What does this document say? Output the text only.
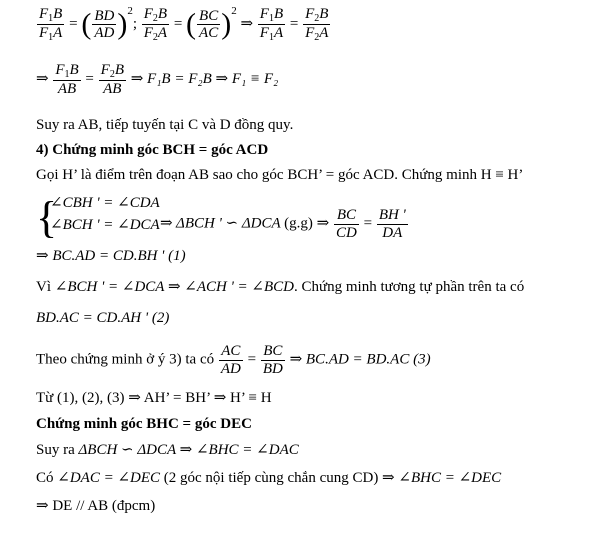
$\frac{F_1B}{F_1A}$ = ( $\frac{BD}{AD} )^2$; $\frac{F_2B}{F_2A}$ = ( $\frac{BC}{AC} )^2$ ⇒ $\frac{F_1B}{F_1A} = \frac{F_2B}{F_2A}$
⇒ $\frac{F_1B}{AB} = \frac{F_2B}{AB}$ ⇒ F₁B = F₂B ⇒ F₁ ≡ F₂
Suy ra AB, tiếp tuyến tại C và D đồng quy.
4) Chứng minh góc BCH = góc ACD
Gọi H’ là điểm trên đoạn AB sao cho góc BCH’ = góc ACD. Chứng minh H ≡ H’
{
∠CBH ' = ∠CDA
∠BCH ' = ∠DCA ⇒ ΔBCH ' ∽ ΔDCA (g.g) ⇒ $\frac{BC}{CD} = \frac{BH '}{DA}$
⇒ BC.AD = CD.BH ' (1)
Vì ∠BCH ' = ∠DCA ⇒ ∠ACH ' = ∠BCD. Chứng minh tương tự phần trên ta có
BD.AC = CD.AH ' (2)
Theo chứng minh ở ý 3) ta có $\frac{AC}{AD} = \frac{BC}{BD}$ ⇒ BC.AD = BD.AC (3)
Từ (1), (2), (3) ⇒ AH’ = BH’ ⇒ H’ ≡ H
Chứng minh góc BHC = góc DEC
Suy ra ΔBCH ∽ ΔDCA ⇒ ∠BHC = ∠DAC
Có ∠DAC = ∠DEC (2 góc nội tiếp cùng chắn cung CD) ⇒ ∠BHC = ∠DEC
⇒ DE // AB (đpcm)
